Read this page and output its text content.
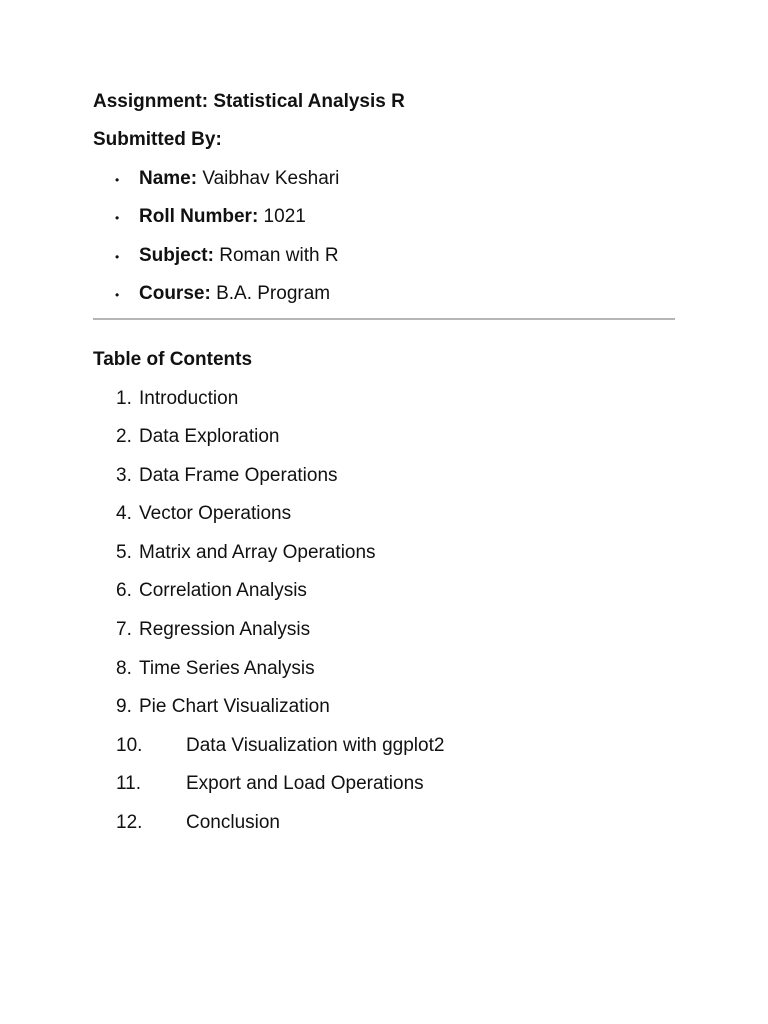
Assignment: Statistical Analysis R
Submitted By:
• Name: Vaibhav Keshari
• Roll Number: 1021
• Subject: Roman with R
• Course: B.A. Program
Table of Contents
1. Introduction
2. Data Exploration
3. Data Frame Operations
4. Vector Operations
5. Matrix and Array Operations
6. Correlation Analysis
7. Regression Analysis
8. Time Series Analysis
9. Pie Chart Visualization
10. Data Visualization with ggplot2
11. Export and Load Operations
12. Conclusion
